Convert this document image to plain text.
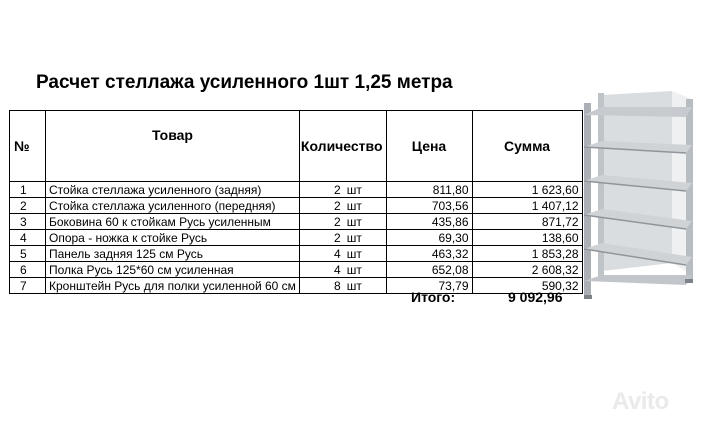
Расчет стеллажа усиленного 1шт 1,25 метра
№	Товар	Количество		Цена	Сумма
1	Стойка стеллажа усиленного (задняя)	2	шт	811,80	1 623,60
2	Стойка стеллажа усиленного (передняя)	2	шт	703,56	1 407,12
3	Боковина 60 к стойкам Русь усиленным	2	шт	435,86	871,72
4	Опора - ножка к стойке Русь	2	шт	69,30	138,60
5	Панель задняя 125 см Русь	4	шт	463,32	1 853,28
6	Полка Русь 125*60 см усиленная	4	шт	652,08	2 608,32
7	Кронштейн Русь для полки усиленной 60 см	8	шт	73,79	590,32
Итого:	9 092,96
Avito
